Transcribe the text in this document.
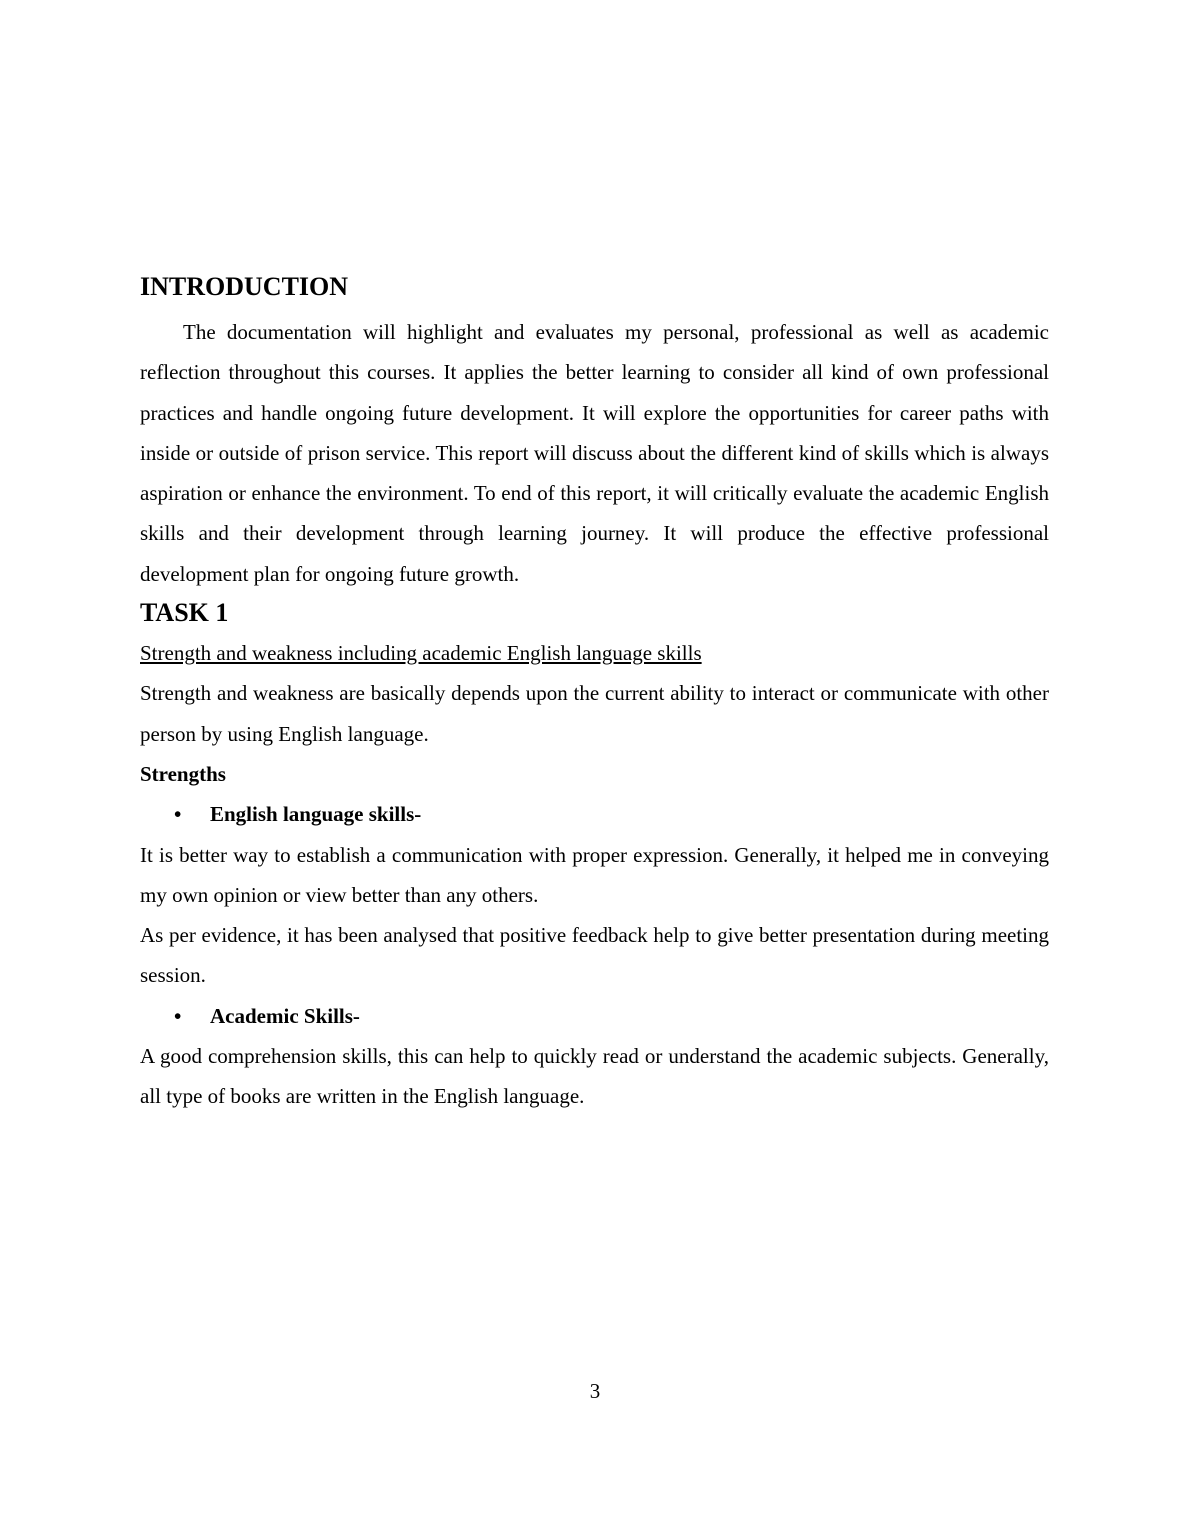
INTRODUCTION

The documentation will highlight and evaluates my personal, professional as well as academic reflection throughout this courses. It applies the better learning to consider all kind of own professional practices and handle ongoing future development. It will explore the opportunities for career paths with inside or outside of prison service. This report will discuss about the different kind of skills which is always aspiration or enhance the environment. To end of this report, it will critically evaluate the academic English skills and their development through learning journey. It will produce the effective professional development plan for ongoing future growth.

TASK 1

Strength and weakness including academic English language skills

Strength and weakness are basically depends upon the current ability to interact or communicate with other person by using English language.

Strengths

• English language skills-

It is better way to establish a communication with proper expression. Generally, it helped me in conveying my own opinion or view better than any others.

As per evidence, it has been analysed that positive feedback help to give better presentation during meeting session.

• Academic Skills-

A good comprehension skills, this can help to quickly read or understand the academic subjects. Generally, all type of books are written in the English language.

3
